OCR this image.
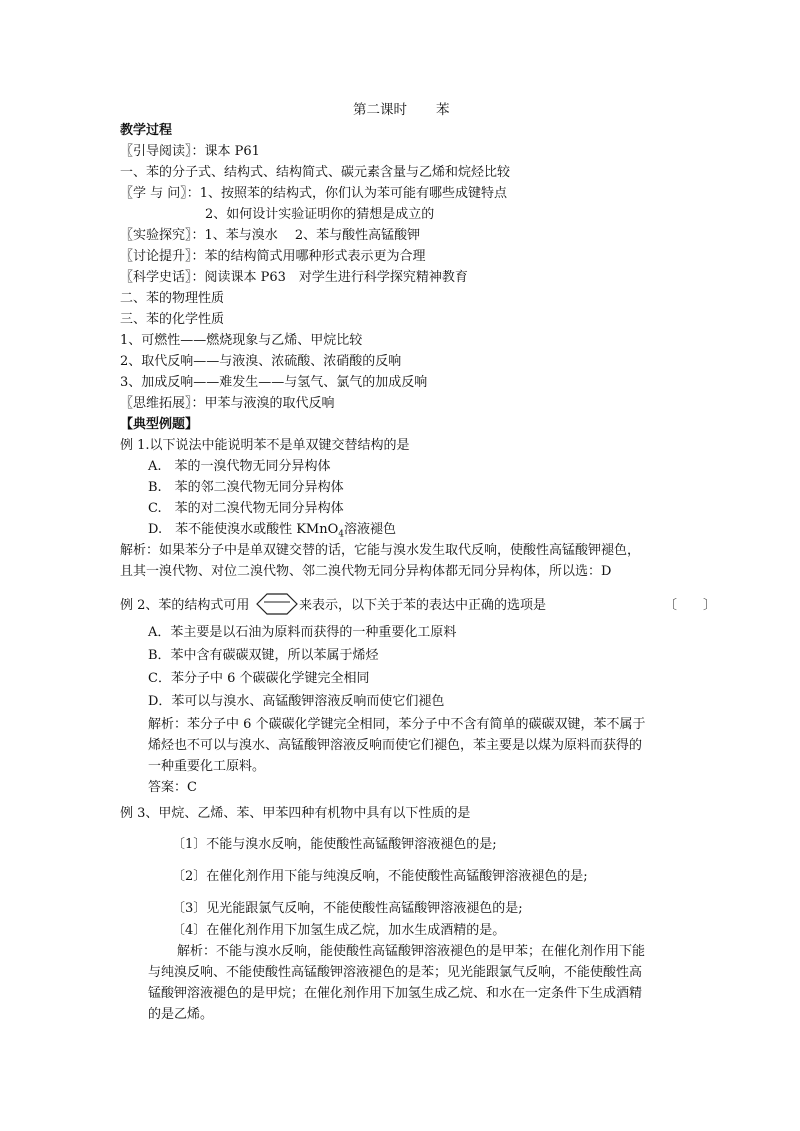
第二课时 苯
教学过程
〖引导阅读〗：课本 P61
一、苯的分子式、结构式、结构简式、碳元素含量与乙烯和烷烃比较
〖学 与 问〗：1、按照苯的结构式，你们认为苯可能有哪些成键特点
2、如何设计实验证明你的猜想是成立的
〖实验探究〗：1、苯与溴水　 2、苯与酸性高锰酸钾
〖讨论提升〗：苯的结构简式用哪种形式表示更为合理
〖科学史话〗：阅读课本 P63　对学生进行科学探究精神教育
二、苯的物理性质
三、苯的化学性质
1、可燃性——燃烧现象与乙烯、甲烷比较
2、取代反响——与液溴、浓硫酸、浓硝酸的反响
3、加成反响——难发生——与氢气、氯气的加成反响
〖思维拓展〗：甲苯与液溴的取代反响
【典型例题】
例 1.以下说法中能说明苯不是单双键交替结构的是
A.　苯的一溴代物无同分异构体
B.　苯的邻二溴代物无同分异构体
C.　苯的对二溴代物无同分异构体
D.　苯不能使溴水或酸性 KMnO$_4$溶液褪色
解析：如果苯分子中是单双键交替的话，它能与溴水发生取代反响，使酸性高锰酸钾褪色，
且其一溴代物、对位二溴代物、邻二溴代物无同分异构体都无同分异构体，所以选：D
例 2、苯的结构式可用	来表示，以下关于苯的表达中正确的选项是	〔　　〕
A．苯主要是以石油为原料而获得的一种重要化工原料
B．苯中含有碳碳双键，所以苯属于烯烃
C．苯分子中 6 个碳碳化学键完全相同
D．苯可以与溴水、高锰酸钾溶液反响而使它们褪色
解析：苯分子中 6 个碳碳化学键完全相同，苯分子中不含有简单的碳碳双键，苯不属于
烯烃也不可以与溴水、高锰酸钾溶液反响而使它们褪色，苯主要是以煤为原料而获得的
一种重要化工原料。
答案：C
例 3、甲烷、乙烯、苯、甲苯四种有机物中具有以下性质的是
〔1〕不能与溴水反响，能使酸性高锰酸钾溶液褪色的是;
〔2〕在催化剂作用下能与纯溴反响，不能使酸性高锰酸钾溶液褪色的是;
〔3〕见光能跟氯气反响，不能使酸性高锰酸钾溶液褪色的是;
〔4〕在催化剂作用下加氢生成乙烷，加水生成酒精的是。
解析：不能与溴水反响，能使酸性高锰酸钾溶液褪色的是甲苯；在催化剂作用下能
与纯溴反响、不能使酸性高锰酸钾溶液褪色的是苯；见光能跟氯气反响，不能使酸性高
锰酸钾溶液褪色的是甲烷；在催化剂作用下加氢生成乙烷、和水在一定条件下生成酒精
的是乙烯。
